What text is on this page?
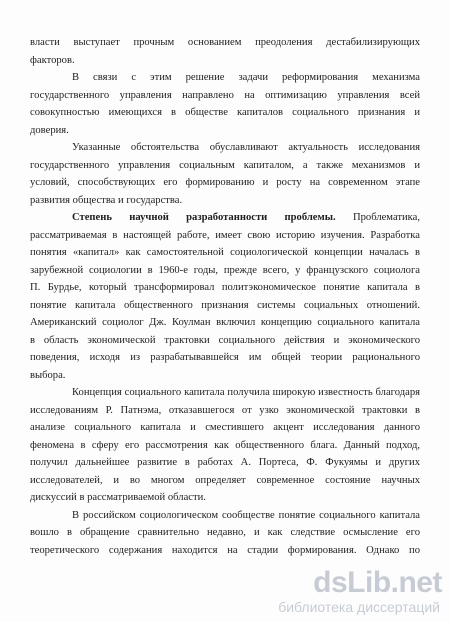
власти выступает прочным основанием преодоления дестабилизирующих
факторов.
В связи с этим решение задачи реформирования механизма
государственного управления направлено на оптимизацию управления всей
совокупностью имеющихся в обществе капиталов социального признания и
доверия.
Указанные обстоятельства обуславливают актуальность исследования
государственного управления социальным капиталом, а также механизмов и
условий, способствующих его формированию и росту на современном этапе
развития общества и государства.
Степень научной разработанности проблемы. Проблематика,
рассматриваемая в настоящей работе, имеет свою историю изучения. Разработка
понятия «капитал» как самостоятельной социологической концепции началась в
зарубежной социологии в 1960-е годы, прежде всего, у французского социолога
П. Бурдье, который трансформировал политэкономическое понятие капитала в
понятие капитала общественного признания системы социальных отношений.
Американский социолог Дж. Коулман включил концепцию социального капитала
в область экономической трактовки социального действия и экономического
поведения, исходя из разрабатывавшейся им общей теории рационального
выбора.
Концепция социального капитала получила широкую известность благодаря
исследованиям Р. Патнэма, отказавшегося от узко экономической трактовки в
анализе социального капитала и сместившего акцент исследования данного
феномена в сферу его рассмотрения как общественного блага. Данный подход,
получил дальнейшее развитие в работах А. Портеса, Ф. Фукуямы и других
исследователей, и во многом определяет современное состояние научных
дискуссий в рассматриваемой области.
В российском социологическом сообществе понятие социального капитала
вошло в обращение сравнительно недавно, и как следствие осмысление его
теоретического содержания находится на стадии формирования. Однако по
dsLib.net
библиотека диссертаций
